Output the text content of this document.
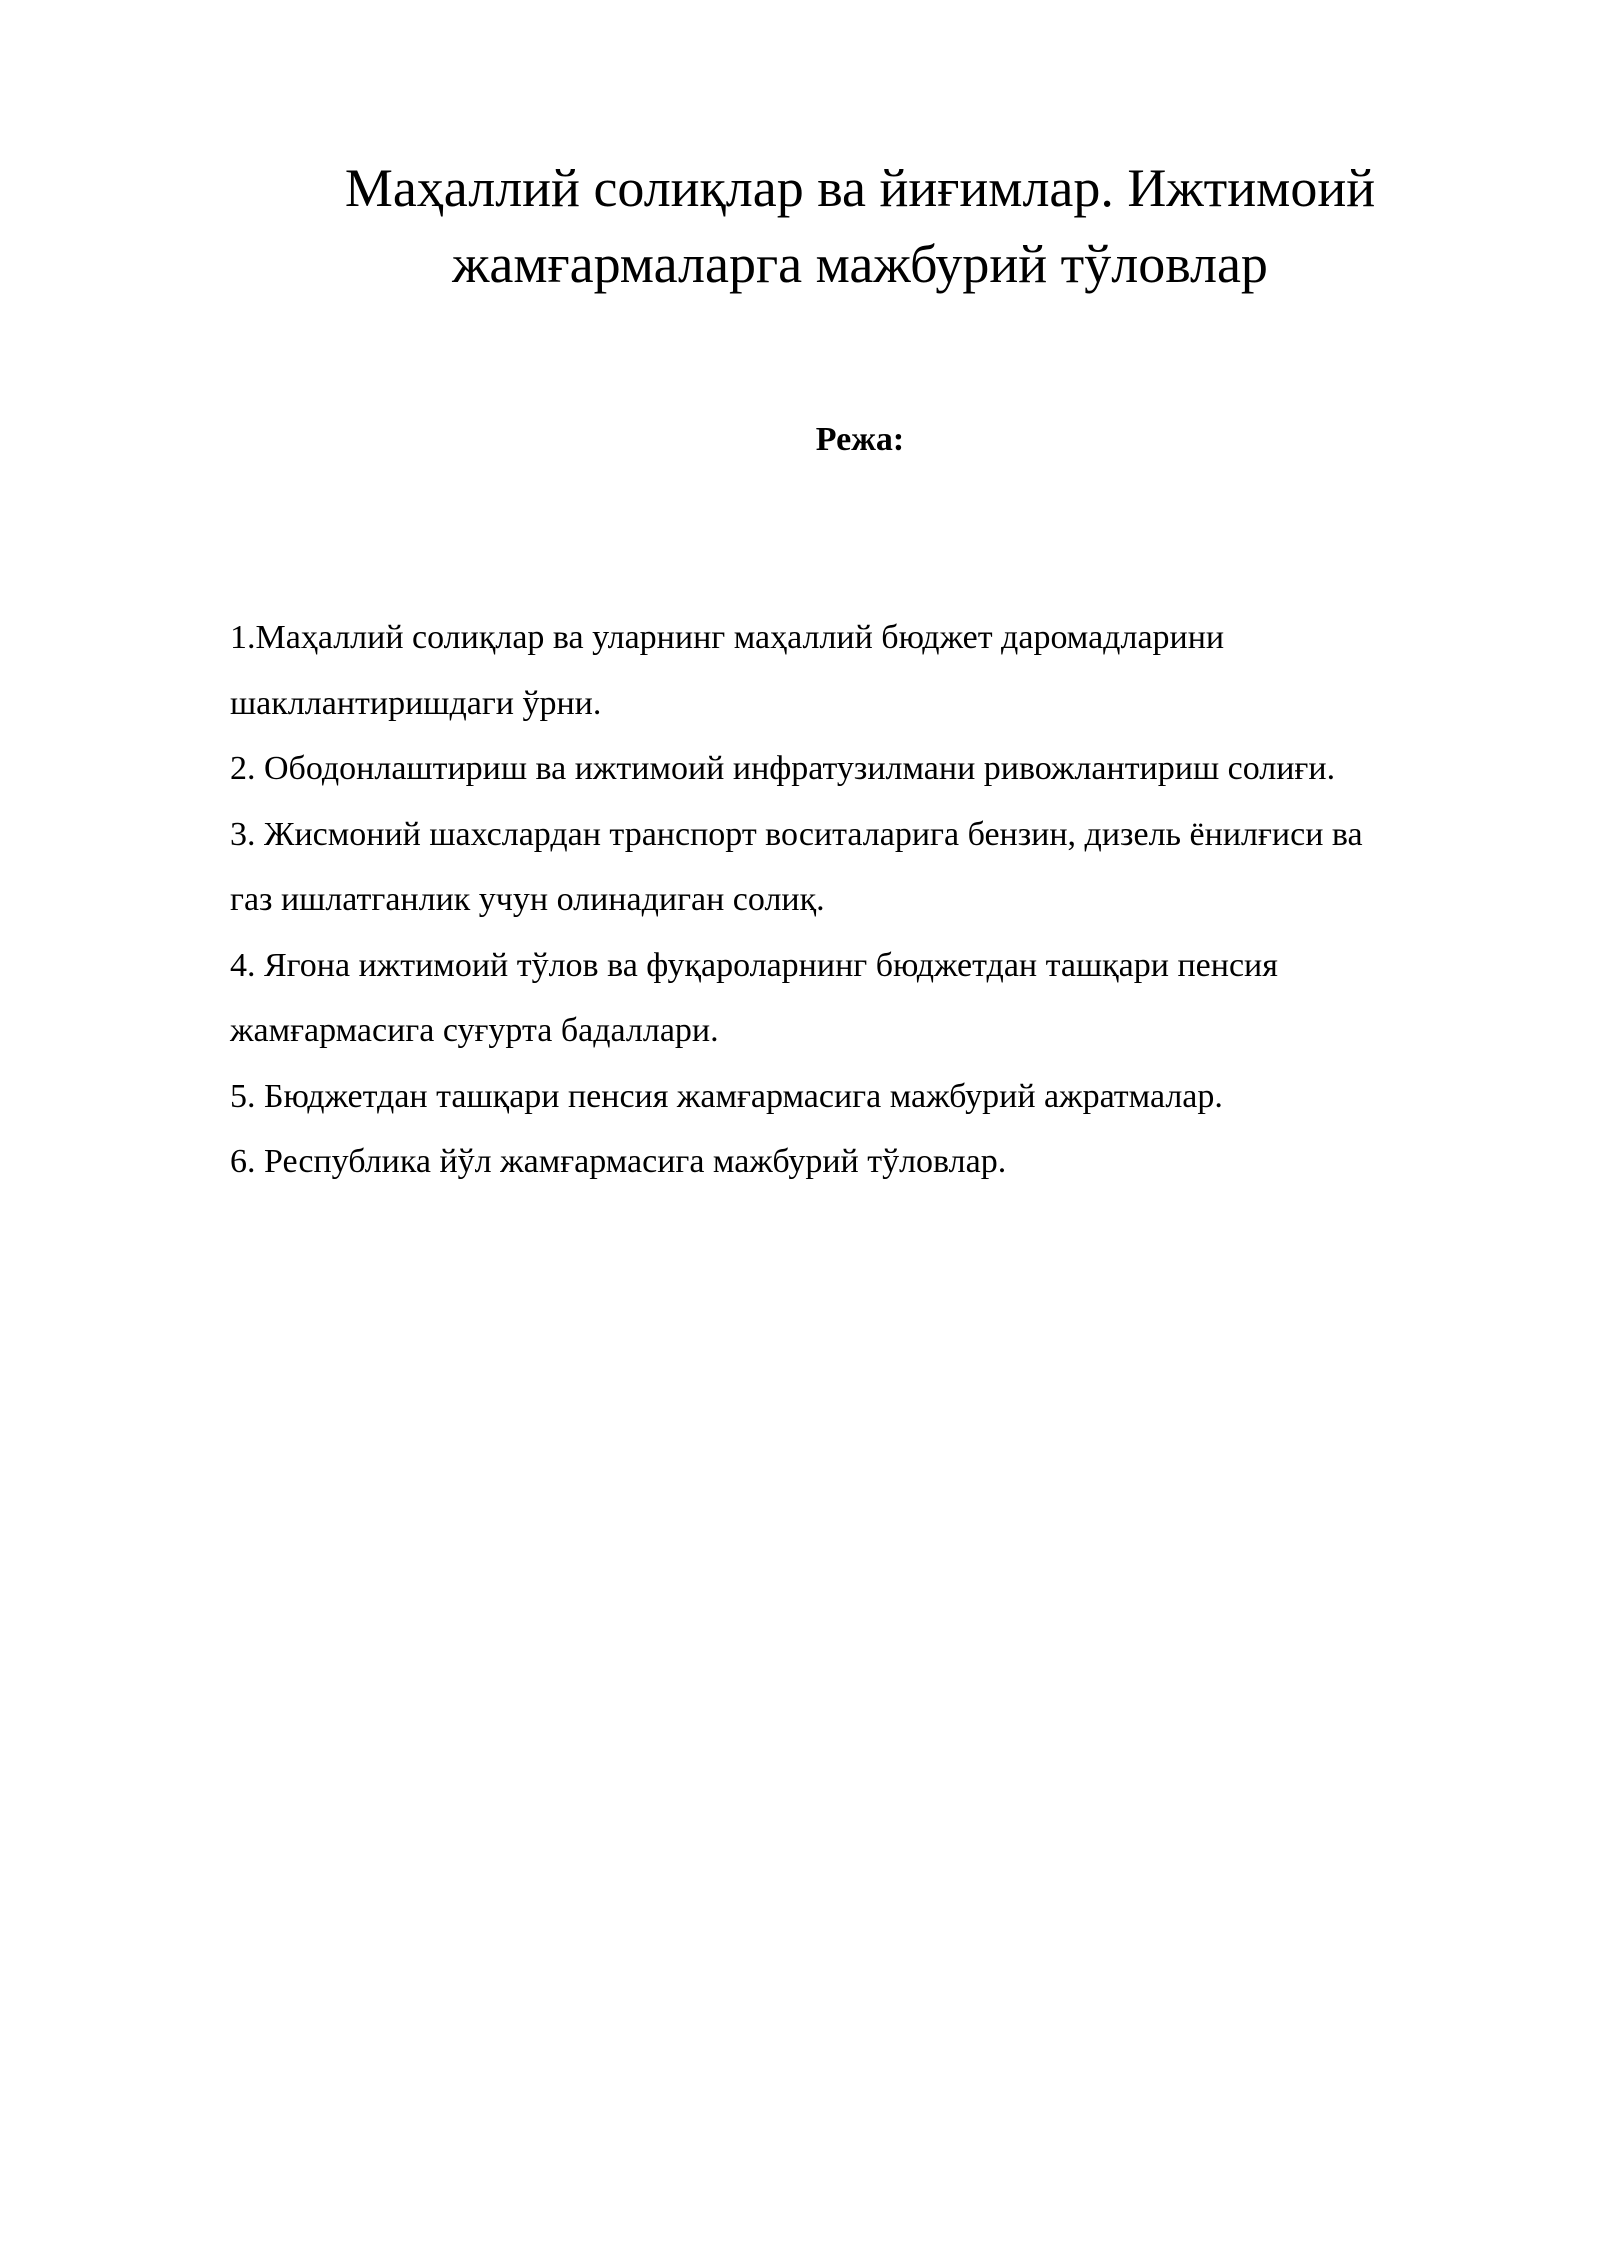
Маҳаллий солиқлар ва йиғимлар. Ижтимоий
жамғармаларга мажбурий тўловлар
Режа:
1.Маҳаллий солиқлар ва уларнинг маҳаллий бюджет даромадларини
шакллантиришдаги ўрни.
2. Ободонлаштириш ва ижтимоий инфратузилмани ривожлантириш солиғи.
3. Жисмоний шахслардан транспорт воситаларига бензин, дизель ёнилғиси ва
газ ишлатганлик учун олинадиган солиқ.
4. Ягона ижтимоий тўлов ва фуқароларнинг бюджетдан ташқари пенсия
жамғармасига суғурта бадаллари.
5. Бюджетдан ташқари пенсия жамғармасига мажбурий ажратмалар.
6. Республика йўл жамғармасига мажбурий тўловлар.
